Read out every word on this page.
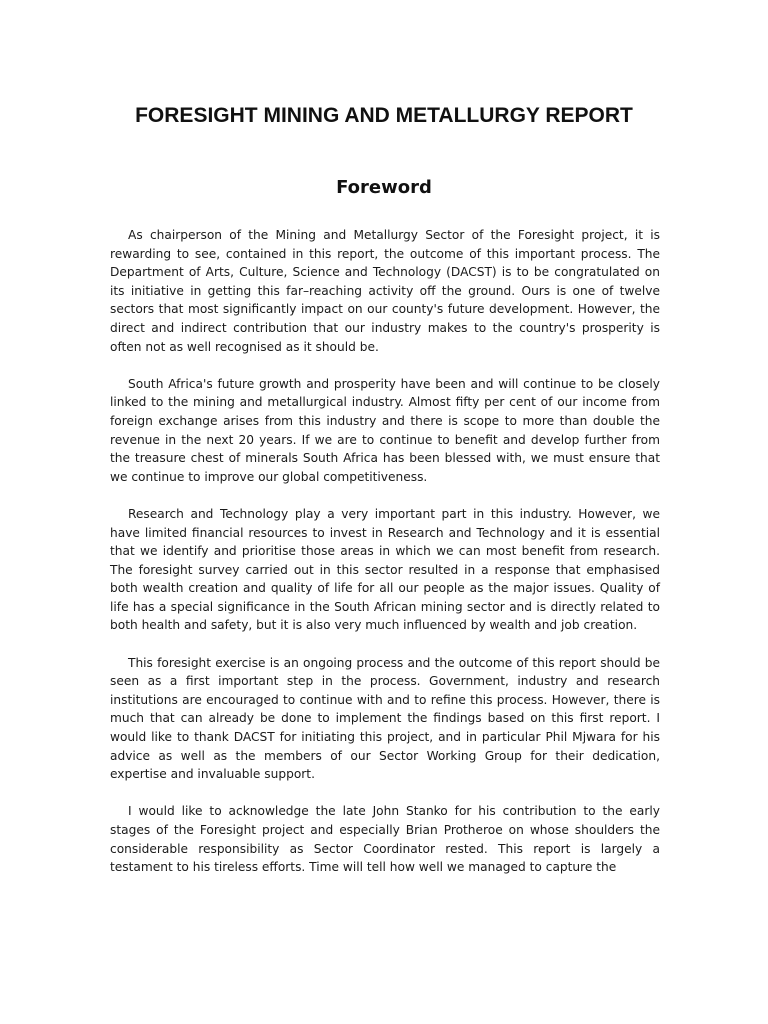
FORESIGHT MINING AND METALLURGY REPORT
Foreword

As chairperson of the Mining and Metallurgy Sector of the Foresight project, it is rewarding to see, contained in this report, the outcome of this important process. The Department of Arts, Culture, Science and Technology (DACST) is to be congratulated on its initiative in getting this far–reaching activity off the ground. Ours is one of twelve sectors that most significantly impact on our county's future development. However, the direct and indirect contribution that our industry makes to the country's prosperity is often not as well recognised as it should be.

South Africa's future growth and prosperity have been and will continue to be closely linked to the mining and metallurgical industry. Almost fifty per cent of our income from foreign exchange arises from this industry and there is scope to more than double the revenue in the next 20 years. If we are to continue to benefit and develop further from the treasure chest of minerals South Africa has been blessed with, we must ensure that we continue to improve our global competitiveness.

Research and Technology play a very important part in this industry. However, we have limited financial resources to invest in Research and Technology and it is essential that we identify and prioritise those areas in which we can most benefit from research. The foresight survey carried out in this sector resulted in a response that emphasised both wealth creation and quality of life for all our people as the major issues. Quality of life has a special significance in the South African mining sector and is directly related to both health and safety, but it is also very much influenced by wealth and job creation.

This foresight exercise is an ongoing process and the outcome of this report should be seen as a first important step in the process. Government, industry and research institutions are encouraged to continue with and to refine this process. However, there is much that can already be done to implement the findings based on this first report. I would like to thank DACST for initiating this project, and in particular Phil Mjwara for his advice as well as the members of our Sector Working Group for their dedication, expertise and invaluable support.

I would like to acknowledge the late John Stanko for his contribution to the early stages of the Foresight project and especially Brian Protheroe on whose shoulders the considerable responsibility as Sector Coordinator rested. This report is largely a testament to his tireless efforts. Time will tell how well we managed to capture the
